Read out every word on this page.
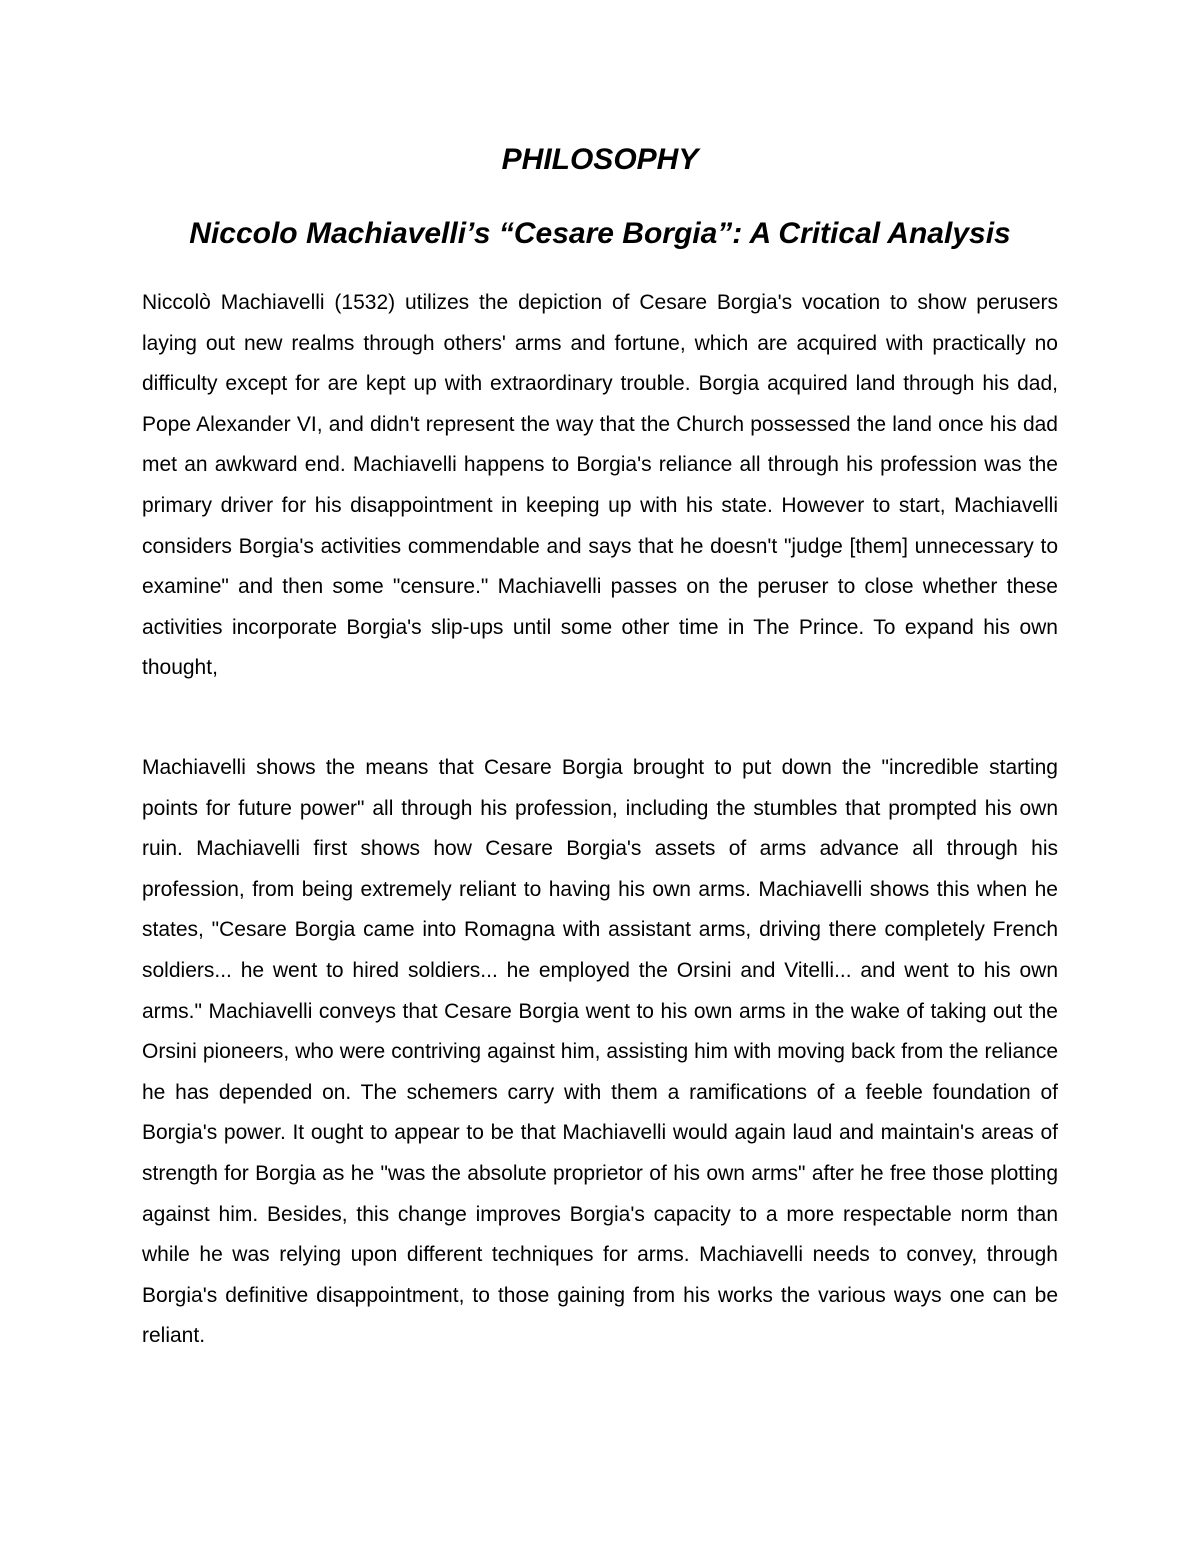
PHILOSOPHY
Niccolo Machiavelli’s “Cesare Borgia”: A Critical Analysis

Niccolò Machiavelli (1532) utilizes the depiction of Cesare Borgia's vocation to show perusers laying out new realms through others' arms and fortune, which are acquired with practically no difficulty except for are kept up with extraordinary trouble. Borgia acquired land through his dad, Pope Alexander VI, and didn't represent the way that the Church possessed the land once his dad met an awkward end. Machiavelli happens to Borgia's reliance all through his profession was the primary driver for his disappointment in keeping up with his state. However to start, Machiavelli considers Borgia's activities commendable and says that he doesn't "judge [them] unnecessary to examine" and then some "censure." Machiavelli passes on the peruser to close whether these activities incorporate Borgia's slip-ups until some other time in The Prince. To expand his own thought,

Machiavelli shows the means that Cesare Borgia brought to put down the "incredible starting points for future power" all through his profession, including the stumbles that prompted his own ruin. Machiavelli first shows how Cesare Borgia's assets of arms advance all through his profession, from being extremely reliant to having his own arms. Machiavelli shows this when he states, "Cesare Borgia came into Romagna with assistant arms, driving there completely French soldiers... he went to hired soldiers... he employed the Orsini and Vitelli... and went to his own arms." Machiavelli conveys that Cesare Borgia went to his own arms in the wake of taking out the Orsini pioneers, who were contriving against him, assisting him with moving back from the reliance he has depended on. The schemers carry with them a ramifications of a feeble foundation of Borgia's power. It ought to appear to be that Machiavelli would again laud and maintain's areas of strength for Borgia as he "was the absolute proprietor of his own arms" after he free those plotting against him. Besides, this change improves Borgia's capacity to a more respectable norm than while he was relying upon different techniques for arms. Machiavelli needs to convey, through Borgia's definitive disappointment, to those gaining from his works the various ways one can be reliant.
